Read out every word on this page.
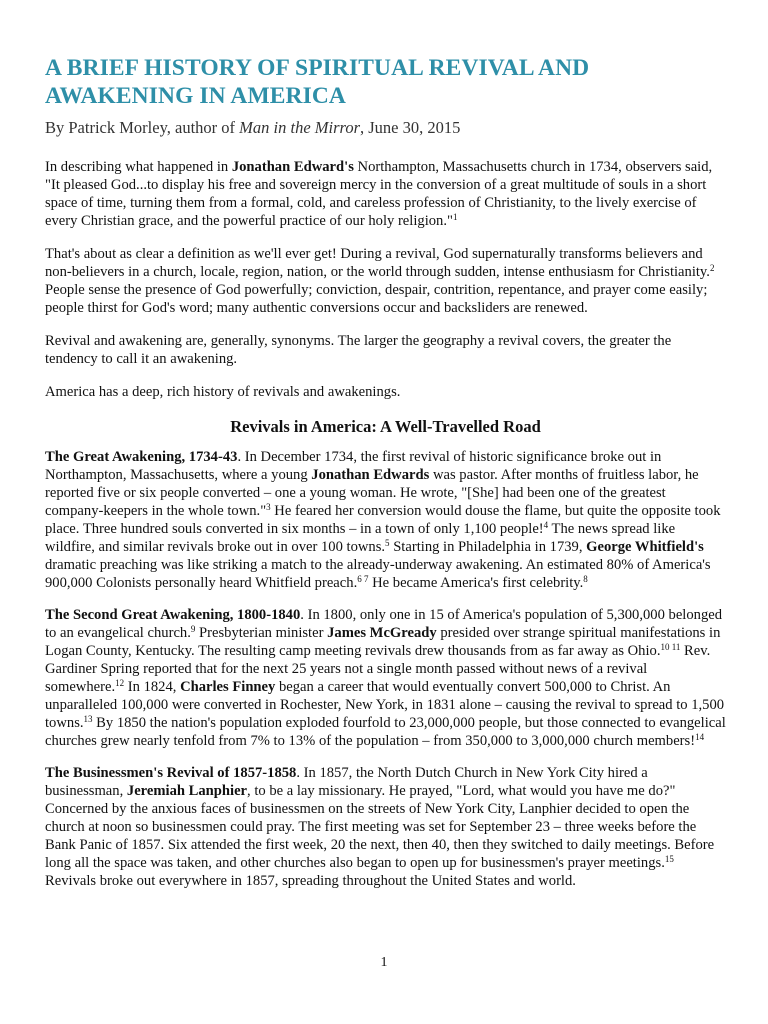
A BRIEF HISTORY OF SPIRITUAL REVIVAL AND
AWAKENING IN AMERICA
By Patrick Morley, author of Man in the Mirror, June 30, 2015

In describing what happened in Jonathan Edward's Northampton, Massachusetts church in 1734, observers said, "It pleased God...to display his free and sovereign mercy in the conversion of a great multitude of souls in a short space of time, turning them from a formal, cold, and careless profession of Christianity, to the lively exercise of every Christian grace, and the powerful practice of our holy religion."$^1$

That's about as clear a definition as we'll ever get! During a revival, God supernaturally transforms believers and non-believers in a church, locale, region, nation, or the world through sudden, intense enthusiasm for Christianity.$^2$ People sense the presence of God powerfully; conviction, despair, contrition, repentance, and prayer come easily; people thirst for God's word; many authentic conversions occur and backsliders are renewed.

Revival and awakening are, generally, synonyms. The larger the geography a revival covers, the greater the tendency to call it an awakening.

America has a deep, rich history of revivals and awakenings.

Revivals in America: A Well-Travelled Road

The Great Awakening, 1734-43. In December 1734, the first revival of historic significance broke out in Northampton, Massachusetts, where a young Jonathan Edwards was pastor. After months of fruitless labor, he reported five or six people converted – one a young woman. He wrote, "[She] had been one of the greatest company-keepers in the whole town."$^3$ He feared her conversion would douse the flame, but quite the opposite took place. Three hundred souls converted in six months – in a town of only 1,100 people!$^4$ The news spread like wildfire, and similar revivals broke out in over 100 towns.$^5$ Starting in Philadelphia in 1739, George Whitfield's dramatic preaching was like striking a match to the already-underway awakening. An estimated 80% of America's 900,000 Colonists personally heard Whitfield preach.$^{6 7}$ He became America's first celebrity.$^8$

The Second Great Awakening, 1800-1840. In 1800, only one in 15 of America's population of 5,300,000 belonged to an evangelical church.$^9$ Presbyterian minister James McGready presided over strange spiritual manifestations in Logan County, Kentucky. The resulting camp meeting revivals drew thousands from as far away as Ohio.$^{10 11}$ Rev. Gardiner Spring reported that for the next 25 years not a single month passed without news of a revival somewhere.$^{12}$ In 1824, Charles Finney began a career that would eventually convert 500,000 to Christ. An unparalleled 100,000 were converted in Rochester, New York, in 1831 alone – causing the revival to spread to 1,500 towns.$^{13}$ By 1850 the nation's population exploded fourfold to 23,000,000 people, but those connected to evangelical churches grew nearly tenfold from 7% to 13% of the population – from 350,000 to 3,000,000 church members!$^{14}$

The Businessmen's Revival of 1857-1858. In 1857, the North Dutch Church in New York City hired a businessman, Jeremiah Lanphier, to be a lay missionary. He prayed, "Lord, what would you have me do?" Concerned by the anxious faces of businessmen on the streets of New York City, Lanphier decided to open the church at noon so businessmen could pray. The first meeting was set for September 23 – three weeks before the Bank Panic of 1857. Six attended the first week, 20 the next, then 40, then they switched to daily meetings. Before long all the space was taken, and other churches also began to open up for businessmen's prayer meetings.$^{15}$ Revivals broke out everywhere in 1857, spreading throughout the United States and world.

1
